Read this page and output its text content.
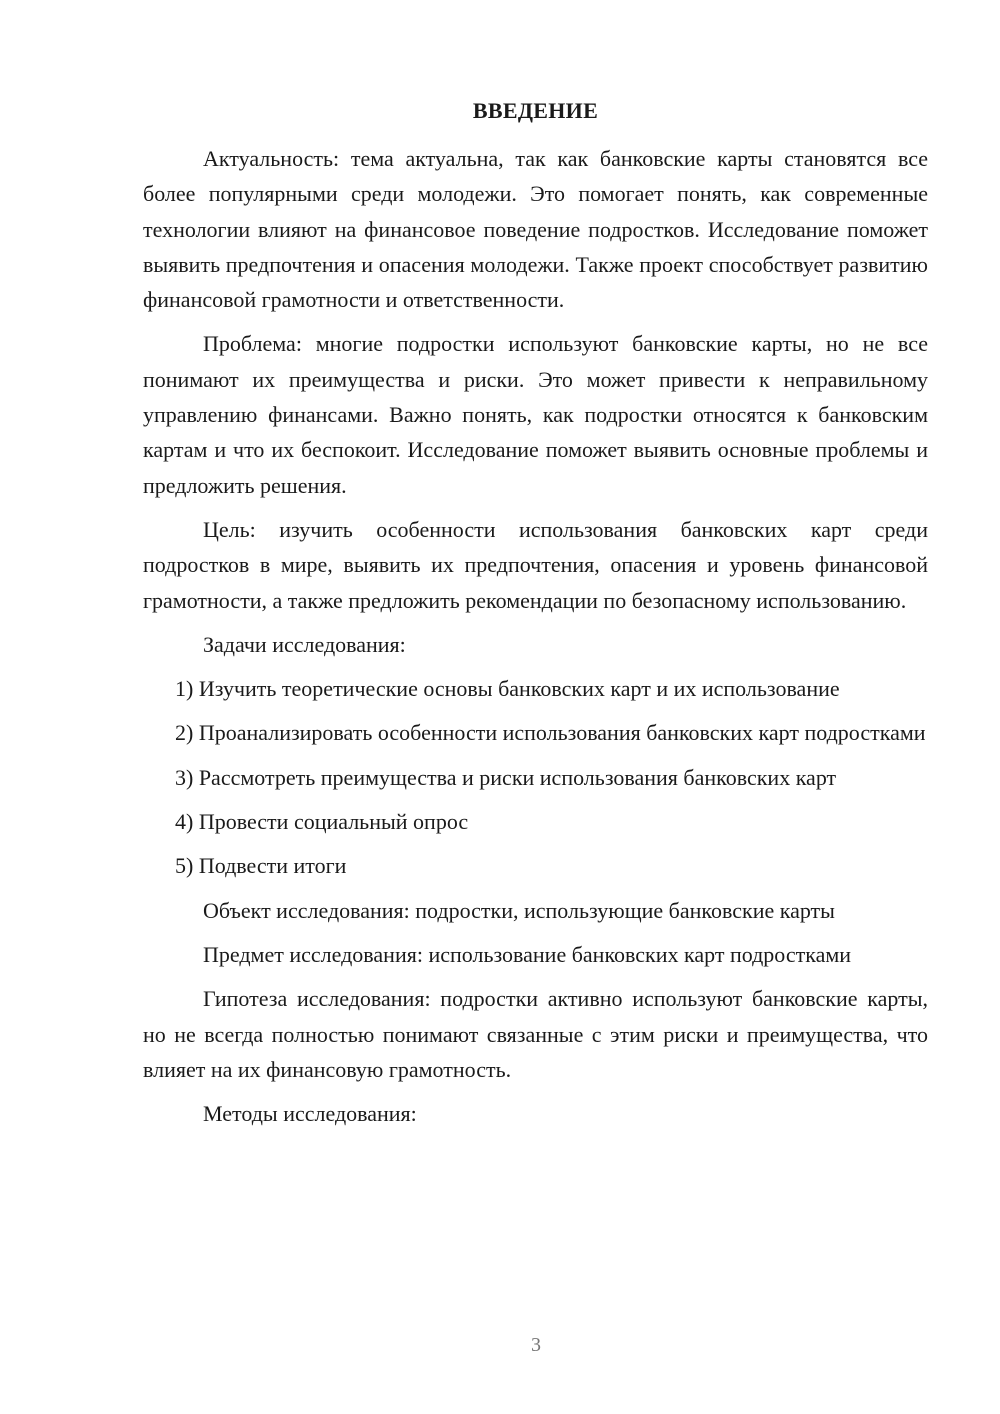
ВВЕДЕНИЕ
Актуальность: тема актуальна, так как банковские карты становятся все более популярными среди молодежи. Это помогает понять, как современные технологии влияют на финансовое поведение подростков. Исследование поможет выявить предпочтения и опасения молодежи. Также проект способствует развитию финансовой грамотности и ответственности.
Проблема: многие подростки используют банковские карты, но не все понимают их преимущества и риски. Это может привести к неправильному управлению финансами. Важно понять, как подростки относятся к банковским картам и что их беспокоит. Исследование поможет выявить основные проблемы и предложить решения.
Цель: изучить особенности использования банковских карт среди подростков в мире, выявить их предпочтения, опасения и уровень финансовой грамотности, а также предложить рекомендации по безопасному использованию.
Задачи исследования:
1) Изучить теоретические основы банковских карт и их использование
2) Проанализировать особенности использования банковских карт подростками
3) Рассмотреть преимущества и риски использования банковских карт
4) Провести социальный опрос
5) Подвести итоги
Объект исследования: подростки, использующие банковские карты
Предмет исследования: использование банковских карт подростками
Гипотеза исследования: подростки активно используют банковские карты, но не всегда полностью понимают связанные с этим риски и преимущества, что влияет на их финансовую грамотность.
Методы исследования:
3
